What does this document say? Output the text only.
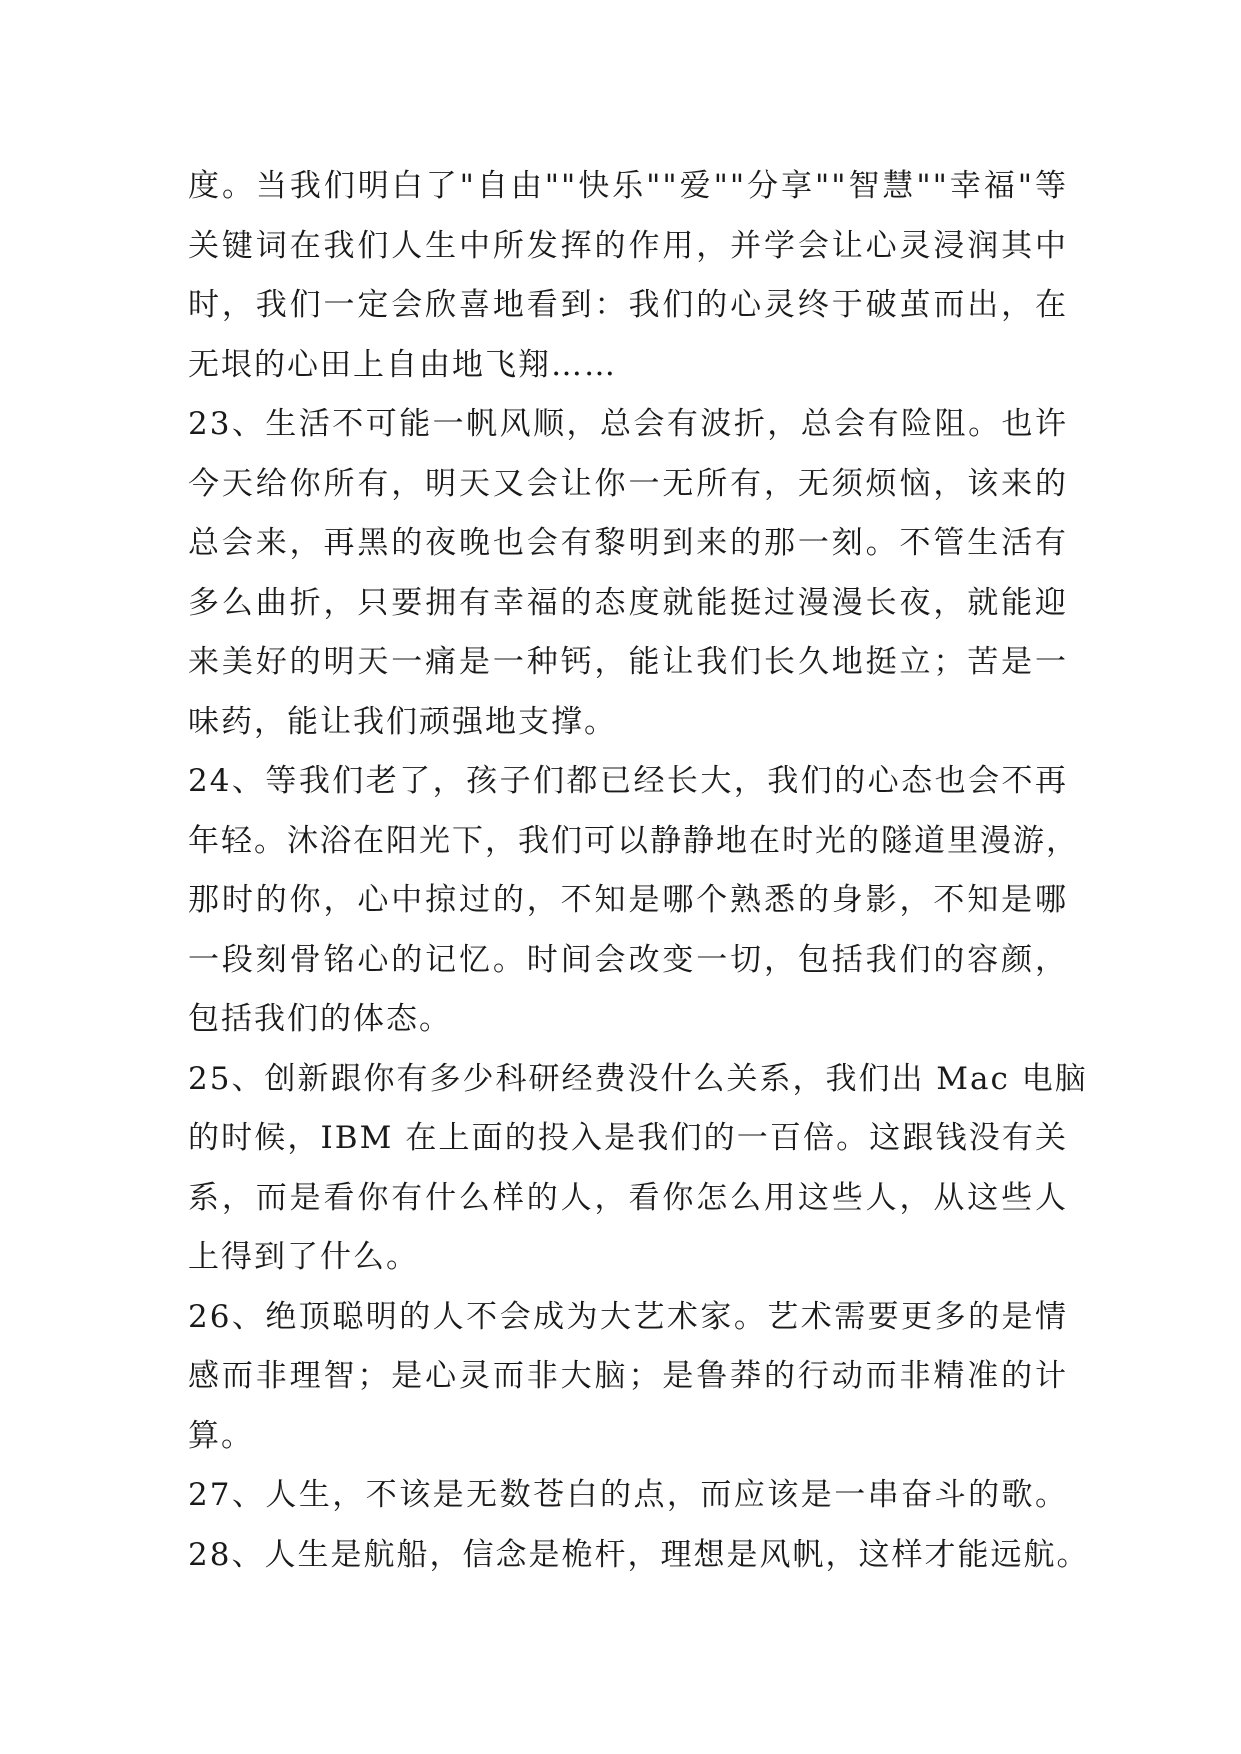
度。当我们明白了"自由""快乐""爱""分享""智慧""幸福"等
关键词在我们人生中所发挥的作用，并学会让心灵浸润其中
时，我们一定会欣喜地看到：我们的心灵终于破茧而出，在
无垠的心田上自由地飞翔……
23、生活不可能一帆风顺，总会有波折，总会有险阻。也许
今天给你所有，明天又会让你一无所有，无须烦恼，该来的
总会来，再黑的夜晚也会有黎明到来的那一刻。不管生活有
多么曲折，只要拥有幸福的态度就能挺过漫漫长夜，就能迎
来美好的明天一痛是一种钙，能让我们长久地挺立；苦是一
味药，能让我们顽强地支撑。
24、等我们老了，孩子们都已经长大，我们的心态也会不再
年轻。沐浴在阳光下，我们可以静静地在时光的隧道里漫游，
那时的你，心中掠过的，不知是哪个熟悉的身影，不知是哪
一段刻骨铭心的记忆。时间会改变一切，包括我们的容颜，
包括我们的体态。
25、创新跟你有多少科研经费没什么关系，我们出 Mac 电脑
的时候，IBM 在上面的投入是我们的一百倍。这跟钱没有关
系，而是看你有什么样的人，看你怎么用这些人，从这些人
上得到了什么。
26、绝顶聪明的人不会成为大艺术家。艺术需要更多的是情
感而非理智；是心灵而非大脑；是鲁莽的行动而非精准的计
算。
27、人生，不该是无数苍白的点，而应该是一串奋斗的歌。
28、人生是航船，信念是桅杆，理想是风帆，这样才能远航。
